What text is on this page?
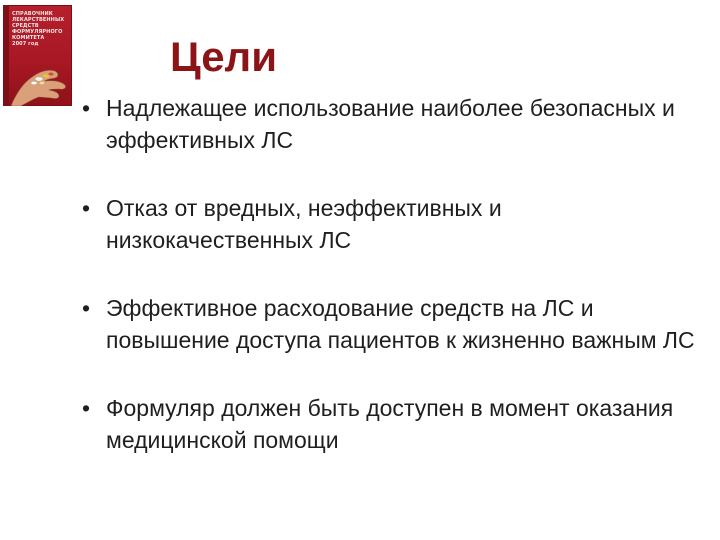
СПРАВОЧНИК
ЛЕКАРСТВЕННЫХ
СРЕДСТВ
ФОРМУЛЯРНОГО
КОМИТЕТА
2007 год	Цели
• Надлежащее использование наиболее безопасных и эффективных ЛС
• Отказ от вредных, неэффективных и низкокачественных ЛС
• Эффективное расходование средств на ЛС и повышение доступа пациентов к жизненно важным ЛС
• Формуляр должен быть доступен в момент оказания медицинской помощи
